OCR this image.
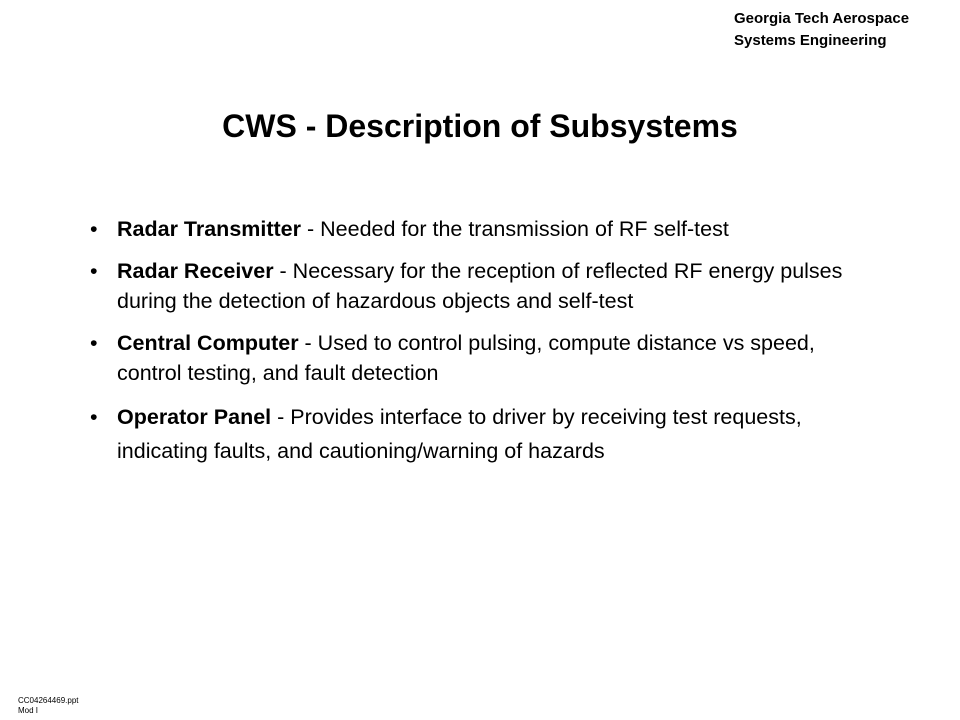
Georgia Tech Aerospace
Systems Engineering
CWS - Description of Subsystems
• Radar Transmitter - Needed for the transmission of RF self-test
• Radar Receiver - Necessary for the reception of reflected RF energy pulses during the detection of hazardous objects and self-test
• Central Computer - Used to control pulsing, compute distance vs speed, control testing, and fault detection
• Operator Panel - Provides interface to driver by receiving test requests, indicating faults, and cautioning/warning of hazards
CC04264469.ppt
Mod I
